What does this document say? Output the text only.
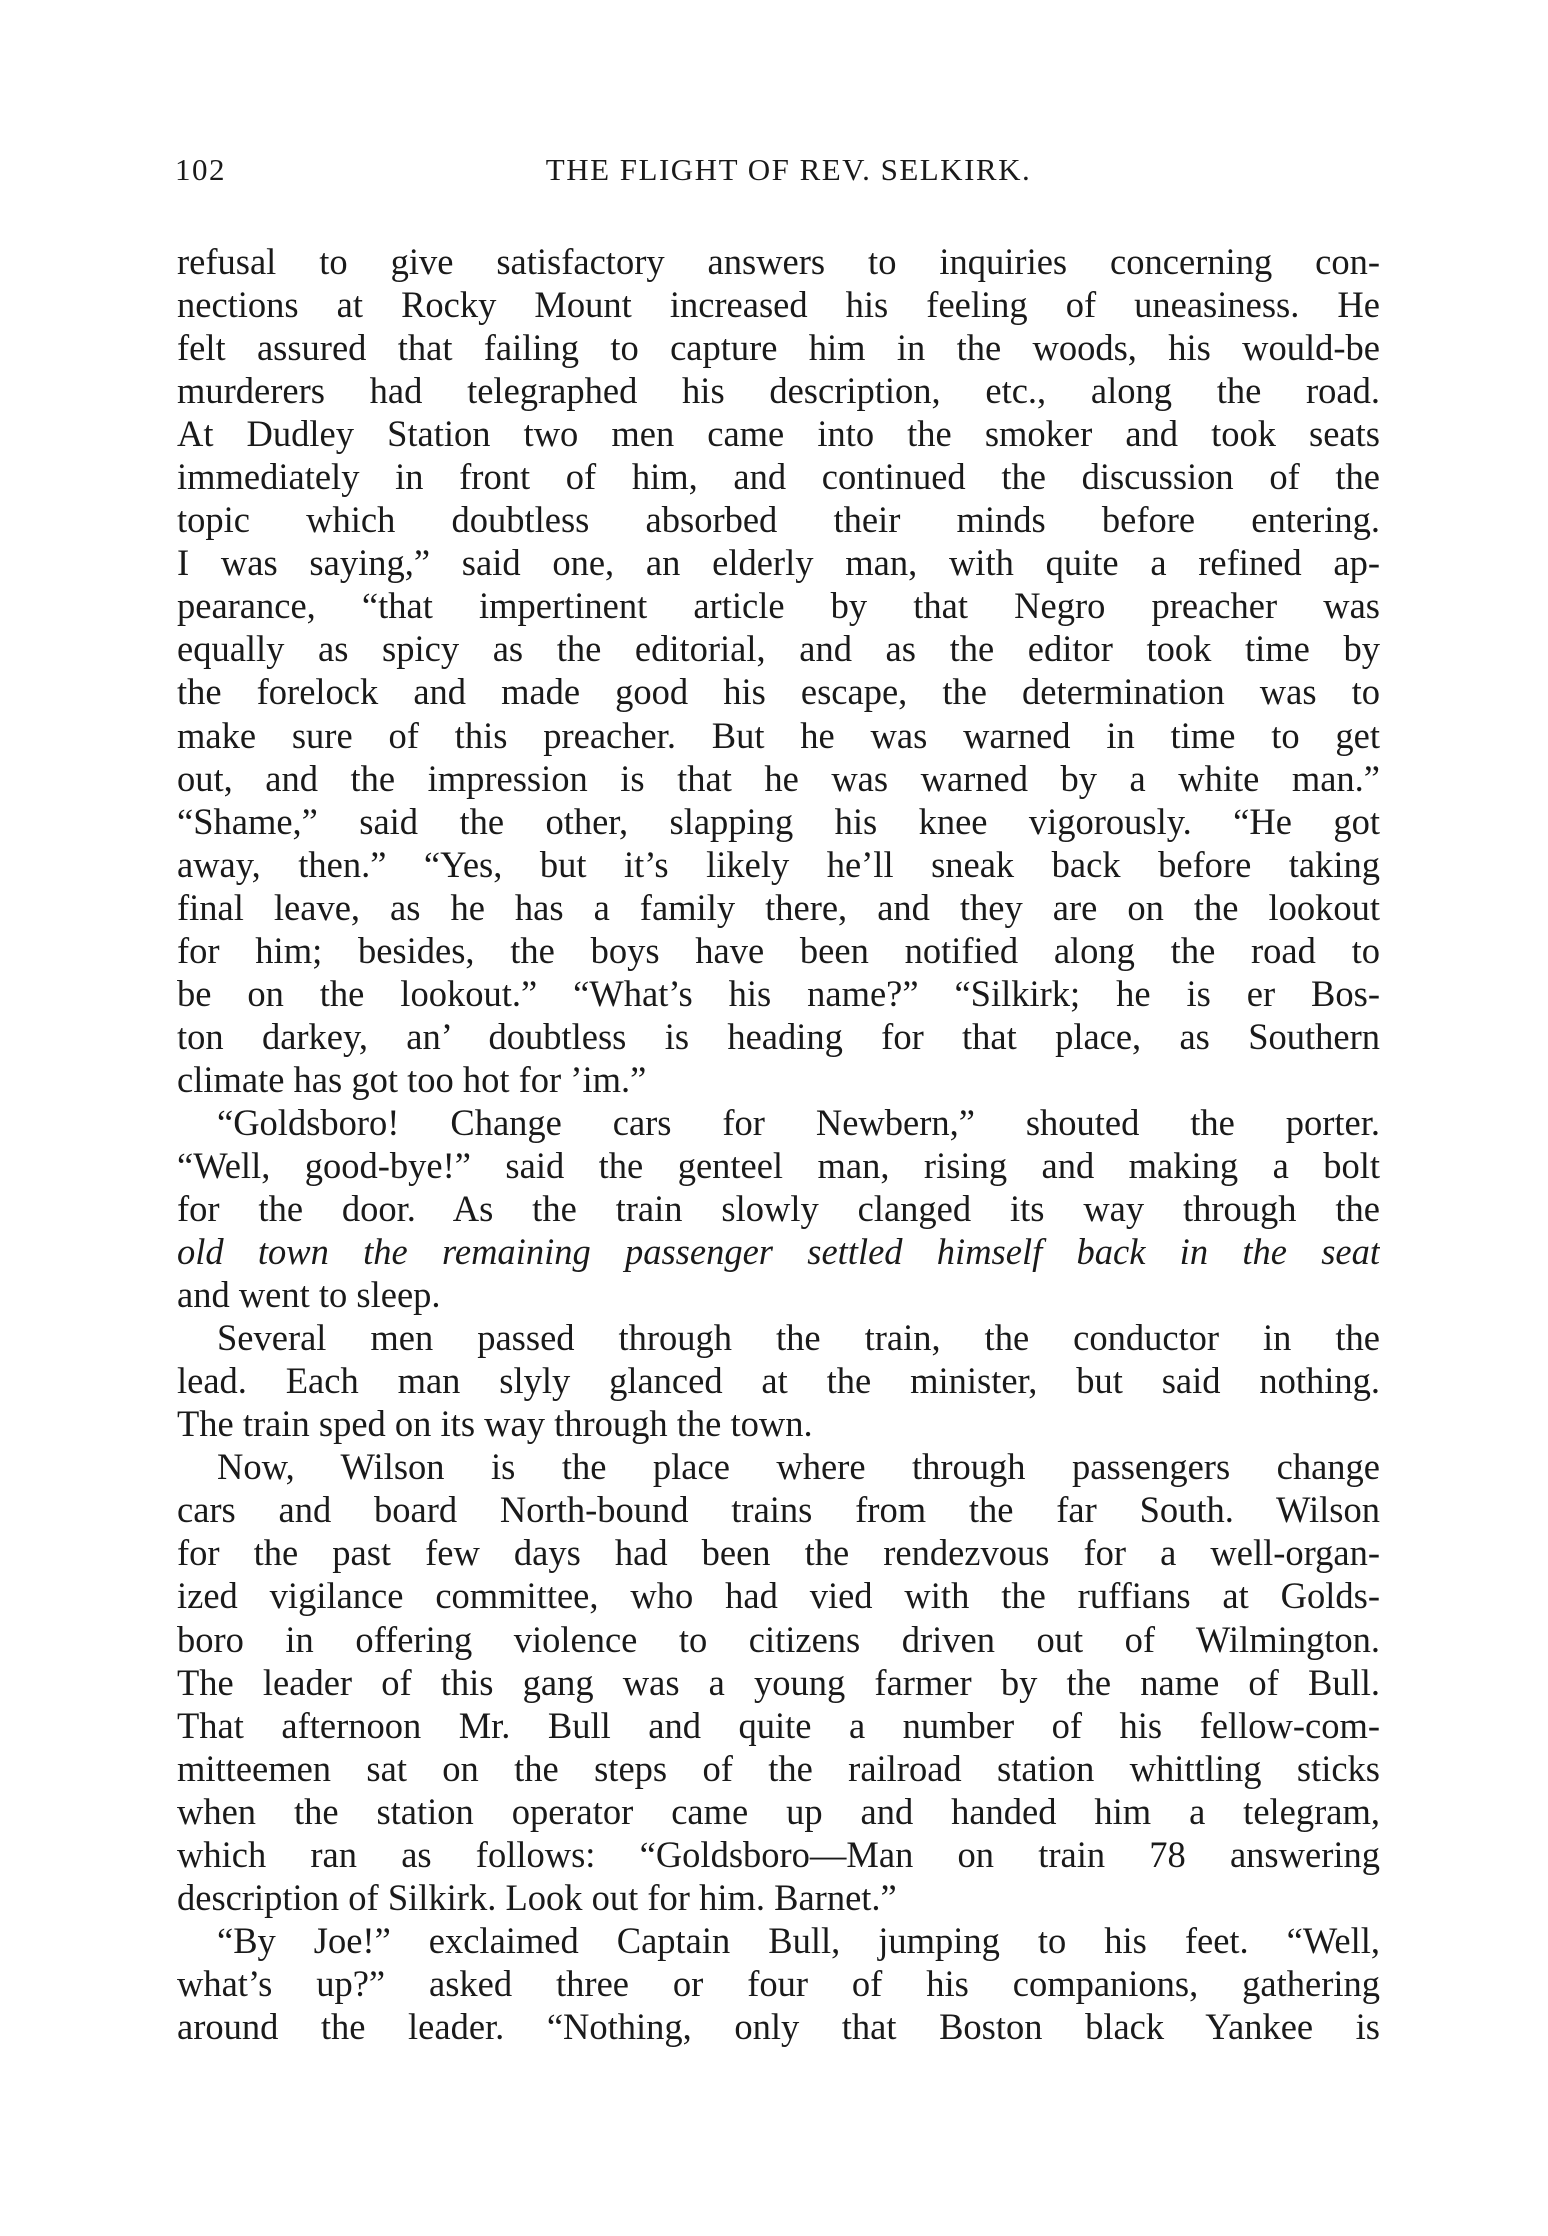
102	THE FLIGHT OF REV. SELKIRK.
refusal to give satisfactory answers to inquiries concerning con-
nections at Rocky Mount increased his feeling of uneasiness. He
felt assured that failing to capture him in the woods, his would-be
murderers had telegraphed his description, etc., along the road.
At Dudley Station two men came into the smoker and took seats
immediately in front of him, and continued the discussion of the
topic which doubtless absorbed their minds before entering.
I was saying,” said one, an elderly man, with quite a refined ap-
pearance, “that impertinent article by that Negro preacher was
equally as spicy as the editorial, and as the editor took time by
the forelock and made good his escape, the determination was to
make sure of this preacher. But he was warned in time to get
out, and the impression is that he was warned by a white man.”
“Shame,” said the other, slapping his knee vigorously. “He got
away, then.” “Yes, but it’s likely he’ll sneak back before taking
final leave, as he has a family there, and they are on the lookout
for him; besides, the boys have been notified along the road to
be on the lookout.” “What’s his name?” “Silkirk; he is er Bos-
ton darkey, an’ doubtless is heading for that place, as Southern
climate has got too hot for ’im.”
“Goldsboro! Change cars for Newbern,” shouted the porter.
“Well, good-bye!” said the genteel man, rising and making a bolt
for the door. As the train slowly clanged its way through the
old town the remaining passenger settled himself back in the seat
and went to sleep.
Several men passed through the train, the conductor in the
lead. Each man slyly glanced at the minister, but said nothing.
The train sped on its way through the town.
Now, Wilson is the place where through passengers change
cars and board North-bound trains from the far South. Wilson
for the past few days had been the rendezvous for a well-organ-
ized vigilance committee, who had vied with the ruffians at Golds-
boro in offering violence to citizens driven out of Wilmington.
The leader of this gang was a young farmer by the name of Bull.
That afternoon Mr. Bull and quite a number of his fellow-com-
mitteemen sat on the steps of the railroad station whittling sticks
when the station operator came up and handed him a telegram,
which ran as follows: “Goldsboro—Man on train 78 answering
description of Silkirk. Look out for him. Barnet.”
“By Joe!” exclaimed Captain Bull, jumping to his feet. “Well,
what’s up?” asked three or four of his companions, gathering
around the leader. “Nothing, only that Boston black Yankee is
